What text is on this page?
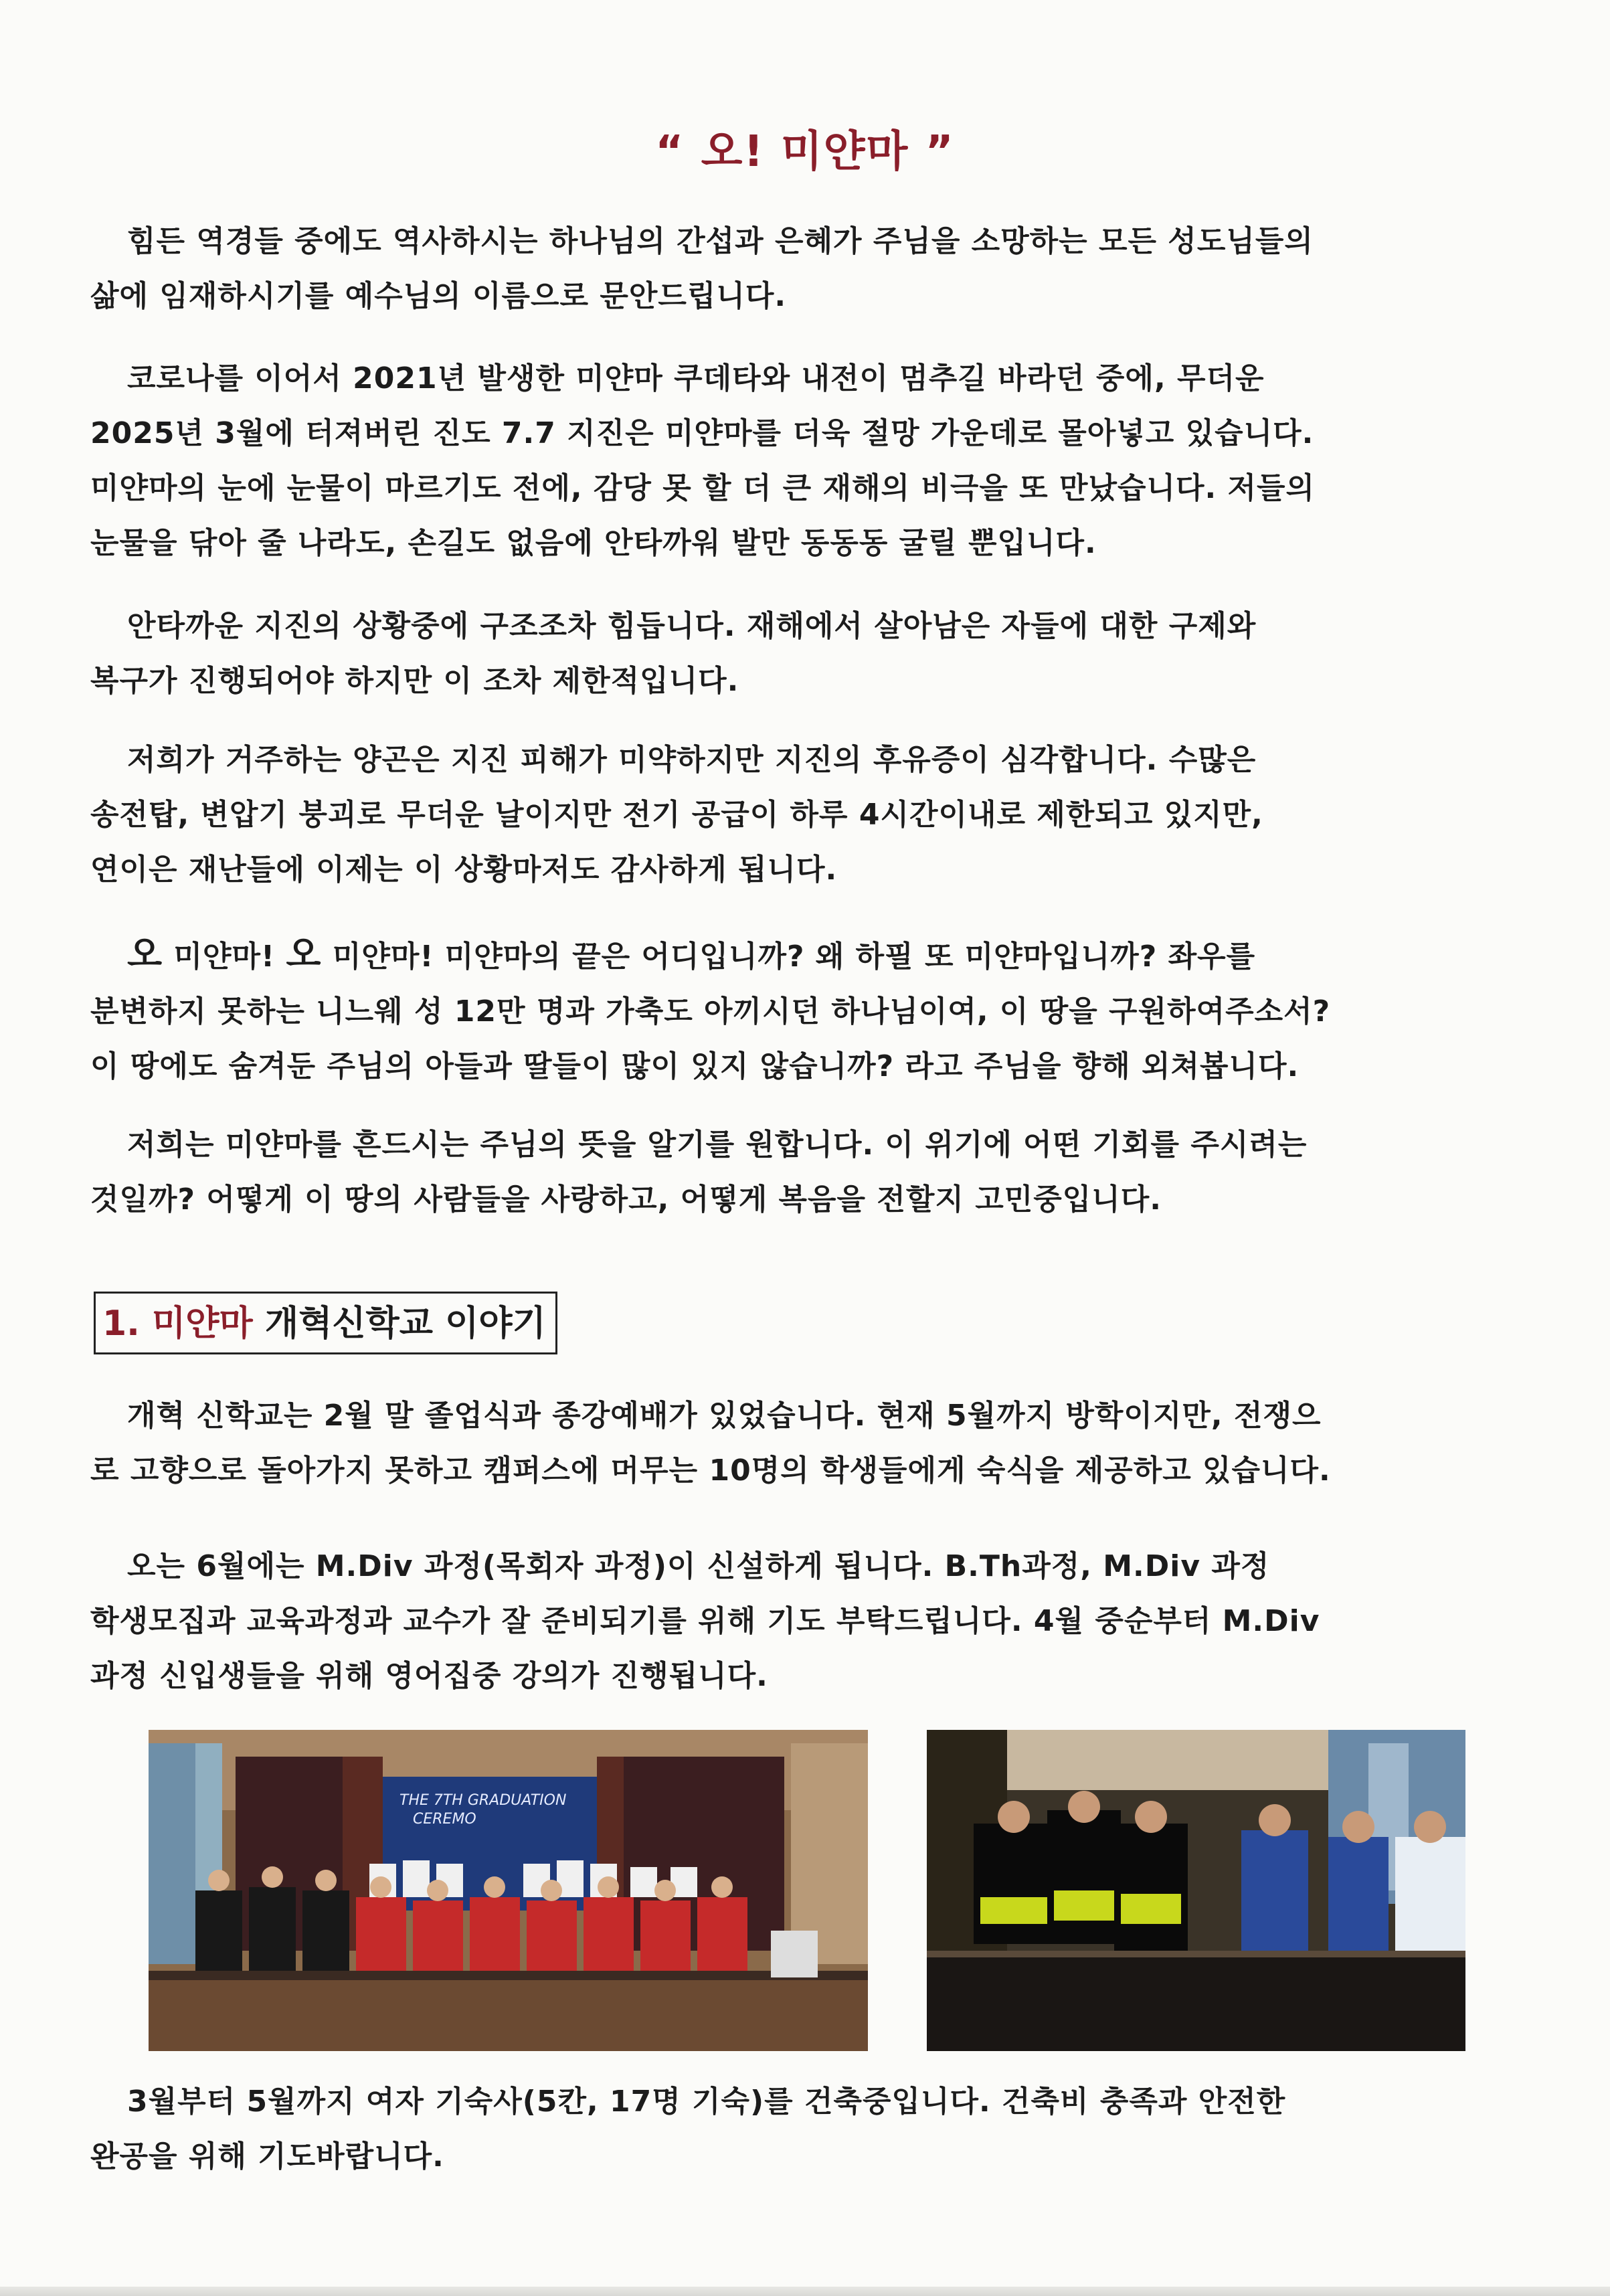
“ 오! 미얀마 ”

힘든 역경들 중에도 역사하시는 하나님의 간섭과 은혜가 주님을 소망하는 모든 성도님들의
삶에 임재하시기를 예수님의 이름으로 문안드립니다.

코로나를 이어서 2021년 발생한 미얀마 쿠데타와 내전이 멈추길 바라던 중에, 무더운
2025년 3월에 터져버린 진도 7.7 지진은 미얀마를 더욱 절망 가운데로 몰아넣고 있습니다.
미얀마의 눈에 눈물이 마르기도 전에, 감당 못 할 더 큰 재해의 비극을 또 만났습니다. 저들의
눈물을 닦아 줄 나라도, 손길도 없음에 안타까워 발만 동동동 굴릴 뿐입니다.

안타까운 지진의 상황중에 구조조차 힘듭니다. 재해에서 살아남은 자들에 대한 구제와
복구가 진행되어야 하지만 이 조차 제한적입니다.

저희가 거주하는 양곤은 지진 피해가 미약하지만 지진의 후유증이 심각합니다. 수많은
송전탑, 변압기 붕괴로 무더운 날이지만 전기 공급이 하루 4시간이내로 제한되고 있지만,
연이은 재난들에 이제는 이 상황마저도 감사하게 됩니다.

오 미얀마! 오 미얀마! 미얀마의 끝은 어디입니까? 왜 하필 또 미얀마입니까? 좌우를
분변하지 못하는 니느웨 성 12만 명과 가축도 아끼시던 하나님이여, 이 땅을 구원하여주소서?
이 땅에도 숨겨둔 주님의 아들과 딸들이 많이 있지 않습니까? 라고 주님을 향해 외쳐봅니다.

저희는 미얀마를 흔드시는 주님의 뜻을 알기를 원합니다. 이 위기에 어떤 기회를 주시려는
것일까? 어떻게 이 땅의 사람들을 사랑하고, 어떻게 복음을 전할지 고민중입니다.

1. 미얀마 개혁신학교 이야기

개혁 신학교는 2월 말 졸업식과 종강예배가 있었습니다. 현재 5월까지 방학이지만, 전쟁으
로 고향으로 돌아가지 못하고 캠퍼스에 머무는 10명의 학생들에게 숙식을 제공하고 있습니다.

오는 6월에는 M.Div 과정(목회자 과정)이 신설하게 됩니다. B.Th과정, M.Div 과정
학생모집과 교육과정과 교수가 잘 준비되기를 위해 기도 부탁드립니다. 4월 중순부터 M.Div
과정 신입생들을 위해 영어집중 강의가 진행됩니다.

THE 7TH GRADUATION
CEREMO

3월부터 5월까지 여자 기숙사(5칸, 17명 기숙)를 건축중입니다. 건축비 충족과 안전한
완공을 위해 기도바랍니다.
